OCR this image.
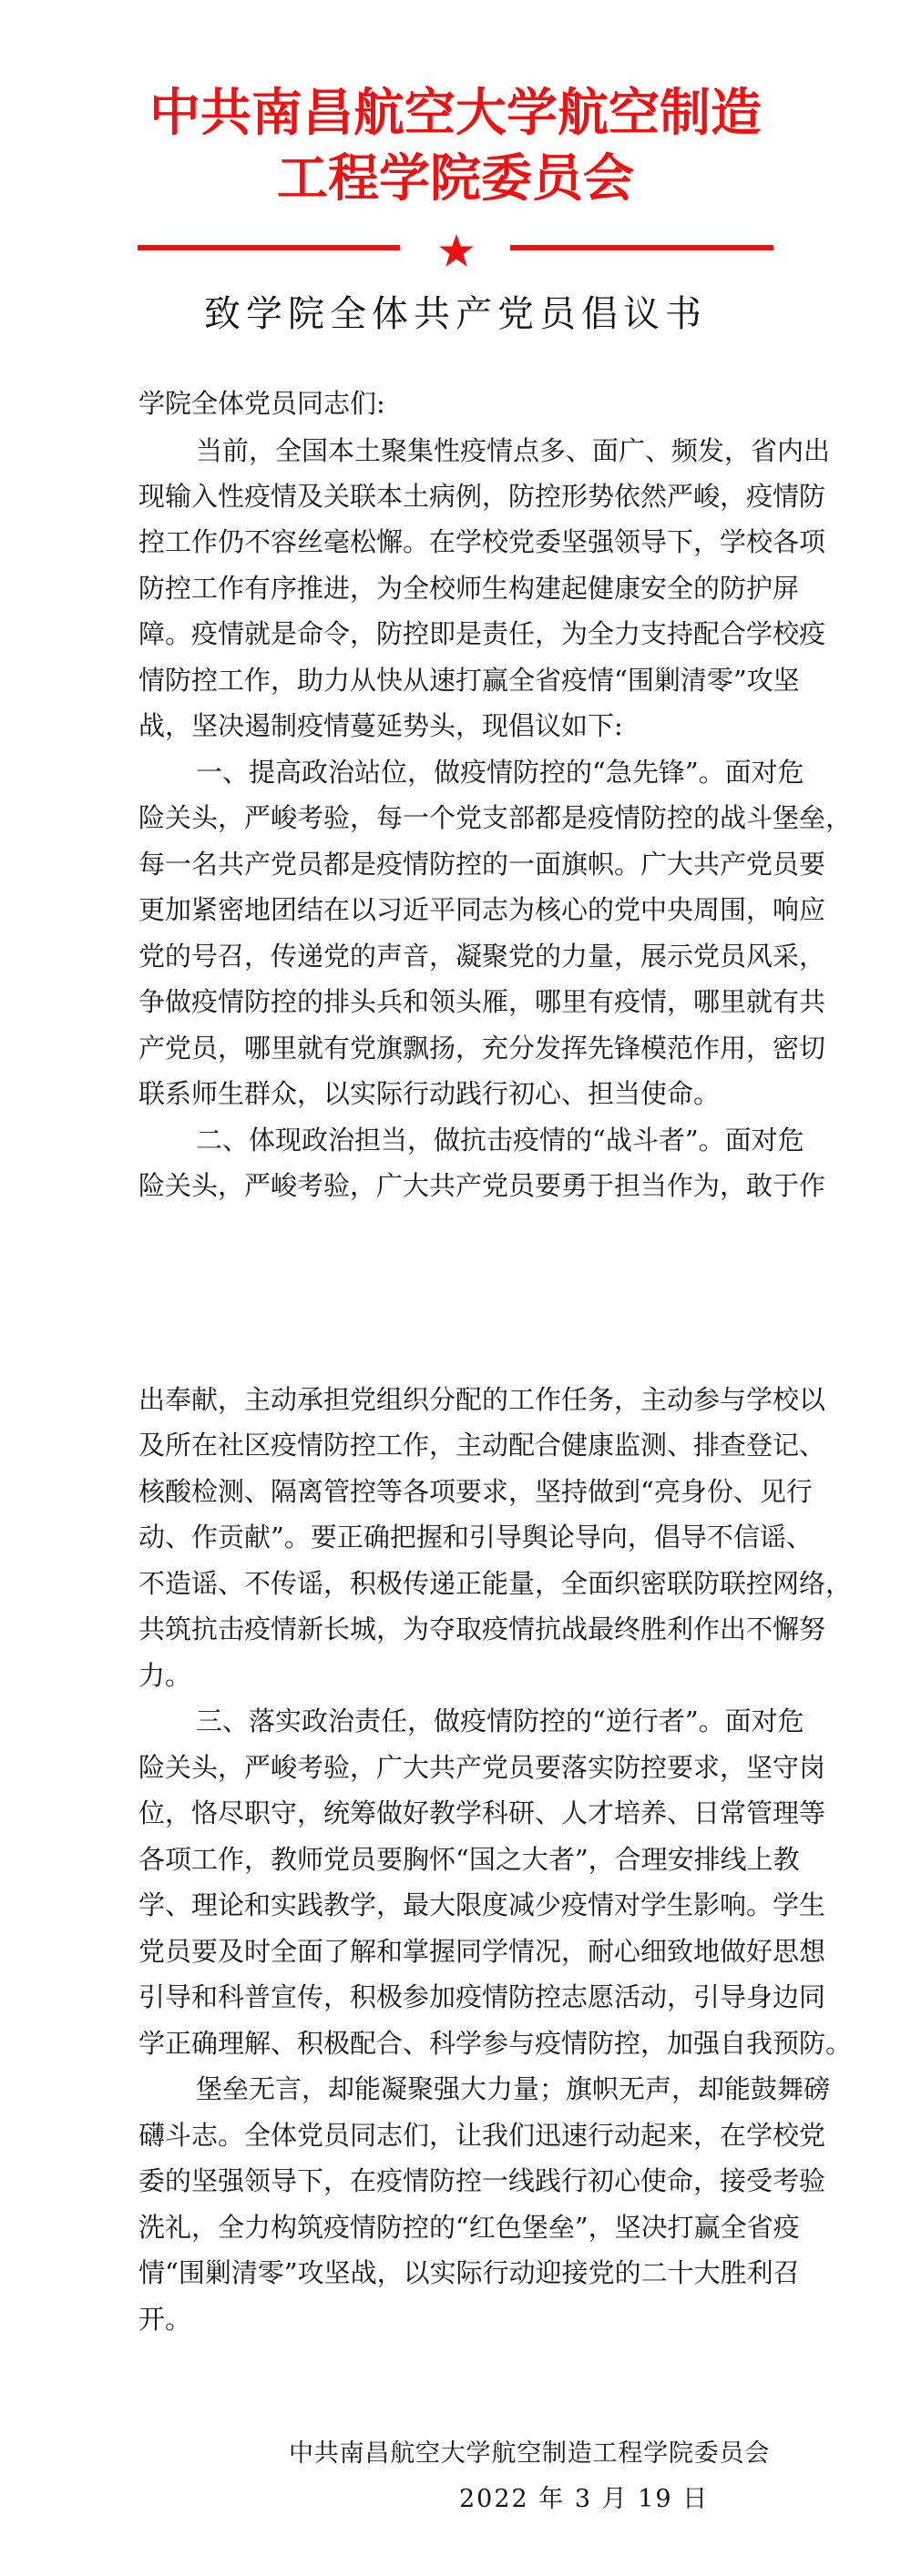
中共南昌航空大学航空制造
工程学院委员会
致学院全体共产党员倡议书
学院全体党员同志们:
当前，全国本土聚集性疫情点多、面广、频发，省内出
现输入性疫情及关联本土病例，防控形势依然严峻，疫情防
控工作仍不容丝毫松懈。在学校党委坚强领导下，学校各项
防控工作有序推进，为全校师生构建起健康安全的防护屏
障。疫情就是命令，防控即是责任，为全力支持配合学校疫
情防控工作，助力从快从速打赢全省疫情“围剿清零”攻坚
战，坚决遏制疫情蔓延势头，现倡议如下:
一、提高政治站位，做疫情防控的“急先锋”。面对危
险关头，严峻考验，每一个党支部都是疫情防控的战斗堡垒，
每一名共产党员都是疫情防控的一面旗帜。广大共产党员要
更加紧密地团结在以习近平同志为核心的党中央周围，响应
党的号召，传递党的声音，凝聚党的力量，展示党员风采，
争做疫情防控的排头兵和领头雁，哪里有疫情，哪里就有共
产党员，哪里就有党旗飘扬，充分发挥先锋模范作用，密切
联系师生群众，以实际行动践行初心、担当使命。
二、体现政治担当，做抗击疫情的“战斗者”。面对危
险关头，严峻考验，广大共产党员要勇于担当作为，敢于作
出奉献，主动承担党组织分配的工作任务，主动参与学校以
及所在社区疫情防控工作，主动配合健康监测、排查登记、
核酸检测、隔离管控等各项要求，坚持做到“亮身份、见行
动、作贡献”。要正确把握和引导舆论导向，倡导不信谣、
不造谣、不传谣，积极传递正能量，全面织密联防联控网络，
共筑抗击疫情新长城，为夺取疫情抗战最终胜利作出不懈努
力。
三、落实政治责任，做疫情防控的“逆行者”。面对危
险关头，严峻考验，广大共产党员要落实防控要求，坚守岗
位，恪尽职守，统筹做好教学科研、人才培养、日常管理等
各项工作，教师党员要胸怀“国之大者”，合理安排线上教
学、理论和实践教学，最大限度减少疫情对学生影响。学生
党员要及时全面了解和掌握同学情况，耐心细致地做好思想
引导和科普宣传，积极参加疫情防控志愿活动，引导身边同
学正确理解、积极配合、科学参与疫情防控，加强自我预防。
堡垒无言，却能凝聚强大力量；旗帜无声，却能鼓舞磅
礴斗志。全体党员同志们，让我们迅速行动起来，在学校党
委的坚强领导下，在疫情防控一线践行初心使命，接受考验
洗礼，全力构筑疫情防控的“红色堡垒”，坚决打赢全省疫
情“围剿清零”攻坚战，以实际行动迎接党的二十大胜利召
开。
中共南昌航空大学航空制造工程学院委员会
2022 年 3 月 19 日
